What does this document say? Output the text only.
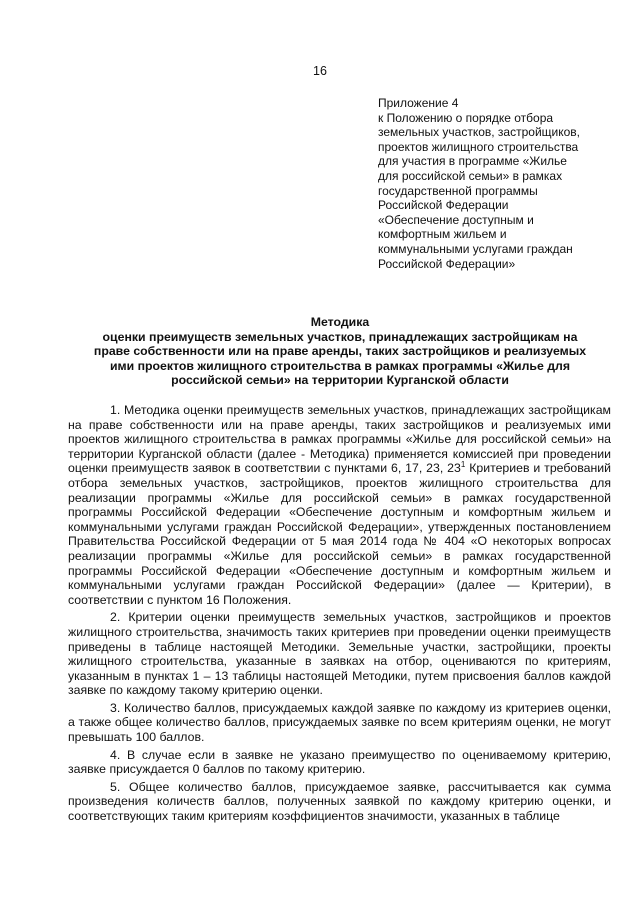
16
Приложение 4
к Положению о порядке отбора
земельных участков, застройщиков,
проектов жилищного строительства
для участия в программе «Жилье
для российской семьи» в рамках
государственной программы
Российской Федерации
«Обеспечение доступным и
комфортным жильем и
коммунальными услугами граждан
Российской Федерации»
Методика
оценки преимуществ земельных участков, принадлежащих застройщикам на
праве собственности или на праве аренды, таких застройщиков и реализуемых
ими проектов жилищного строительства в рамках программы «Жилье для
российской семьи» на территории Курганской области

1. Методика оценки преимуществ земельных участков, принадлежащих застройщикам на праве собственности или на праве аренды, таких застройщиков и реализуемых ими проектов жилищного строительства в рамках программы «Жилье для российской семьи» на территории Курганской области (далее - Методика) применяется комиссией при проведении оценки преимуществ заявок в соответствии с пунктами 6, 17, 23, $23^1$ Критериев и требований отбора земельных участков, застройщиков, проектов жилищного строительства для реализации программы «Жилье для российской семьи» в рамках государственной программы Российской Федерации «Обеспечение доступным и комфортным жильем и коммунальными услугами граждан Российской Федерации», утвержденных постановлением Правительства Российской Федерации от 5 мая 2014 года № 404 «О некоторых вопросах реализации программы «Жилье для российской семьи» в рамках государственной программы Российской Федерации «Обеспечение доступным и комфортным жильем и коммунальными услугами граждан Российской Федерации» (далее — Критерии), в соответствии с пунктом 16 Положения.

2. Критерии оценки преимуществ земельных участков, застройщиков и проектов жилищного строительства, значимость таких критериев при проведении оценки преимуществ приведены в таблице настоящей Методики. Земельные участки, застройщики, проекты жилищного строительства, указанные в заявках на отбор, оцениваются по критериям, указанным в пунктах 1 – 13 таблицы настоящей Методики, путем присвоения баллов каждой заявке по каждому такому критерию оценки.

3. Количество баллов, присуждаемых каждой заявке по каждому из критериев оценки, а также общее количество баллов, присуждаемых заявке по всем критериям оценки, не могут превышать 100 баллов.

4. В случае если в заявке не указано преимущество по оцениваемому критерию, заявке присуждается 0 баллов по такому критерию.

5. Общее количество баллов, присуждаемое заявке, рассчитывается как сумма произведения количеств баллов, полученных заявкой по каждому критерию оценки, и соответствующих таким критериям коэффициентов значимости, указанных в таблице
